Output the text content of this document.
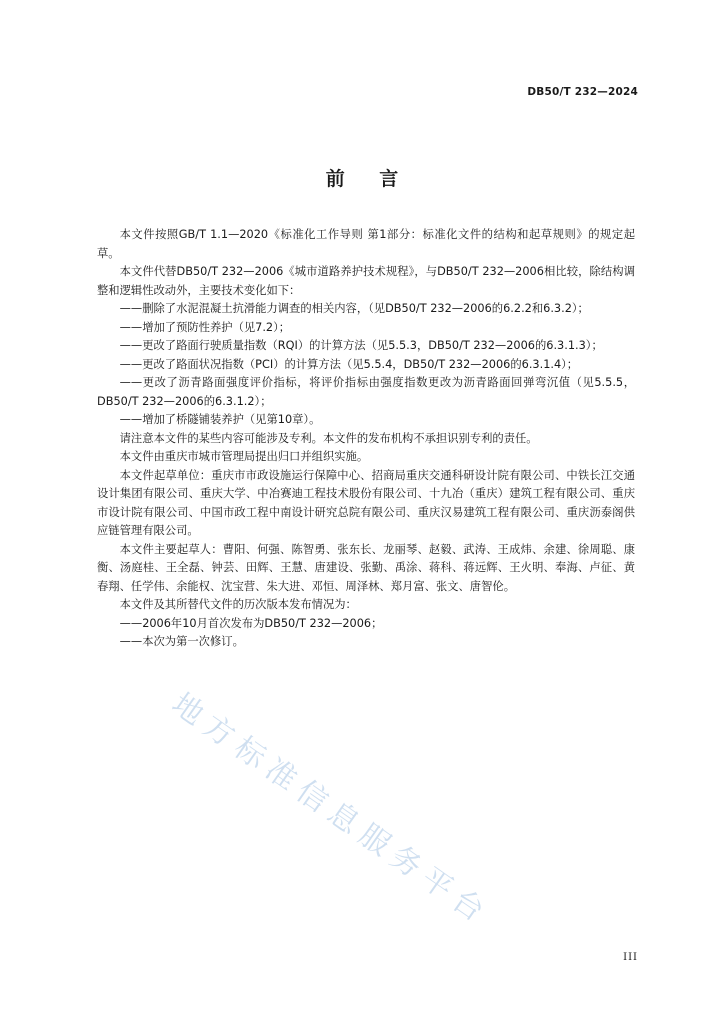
DB50/T 232—2024
前 言

本文件按照GB/T 1.1—2020《标准化工作导则 第1部分：标准化文件的结构和起草规则》的规定起草。

本文件代替DB50/T 232—2006《城市道路养护技术规程》，与DB50/T 232—2006相比较，除结构调整和逻辑性改动外，主要技术变化如下：

——删除了水泥混凝土抗滑能力调查的相关内容，（见DB50/T 232—2006的6.2.2和6.3.2）；

——增加了预防性养护（见7.2）；

——更改了路面行驶质量指数（RQI）的计算方法（见5.5.3，DB50/T 232—2006的6.3.1.3）；

——更改了路面状况指数（PCI）的计算方法（见5.5.4，DB50/T 232—2006的6.3.1.4）；

——更改了沥青路面强度评价指标，将评价指标由强度指数更改为沥青路面回弹弯沉值（见5.5.5，DB50/T 232—2006的6.3.1.2）；

——增加了桥隧铺装养护（见第10章）。

请注意本文件的某些内容可能涉及专利。本文件的发布机构不承担识别专利的责任。

本文件由重庆市城市管理局提出归口并组织实施。

本文件起草单位：重庆市市政设施运行保障中心、招商局重庆交通科研设计院有限公司、中铁长江交通设计集团有限公司、重庆大学、中冶赛迪工程技术股份有限公司、十九冶（重庆）建筑工程有限公司、重庆市设计院有限公司、中国市政工程中南设计研究总院有限公司、重庆汉易建筑工程有限公司、重庆沥泰阁供应链管理有限公司。

本文件主要起草人：曹阳、何强、陈智勇、张东长、龙丽琴、赵毅、武涛、王成炜、余建、徐周聪、康衡、汤庭桂、王全磊、钟芸、田辉、王慧、唐建设、张勤、禹涂、蒋科、蒋远辉、王火明、奉海、卢征、黄春翔、任学伟、余能权、沈宝营、朱大进、邓恒、周泽林、郑月富、张文、唐智伦。

本文件及其所替代文件的历次版本发布情况为：

——2006年10月首次发布为DB50/T 232—2006；

——本次为第一次修订。

地方标准信息服务平台
III
